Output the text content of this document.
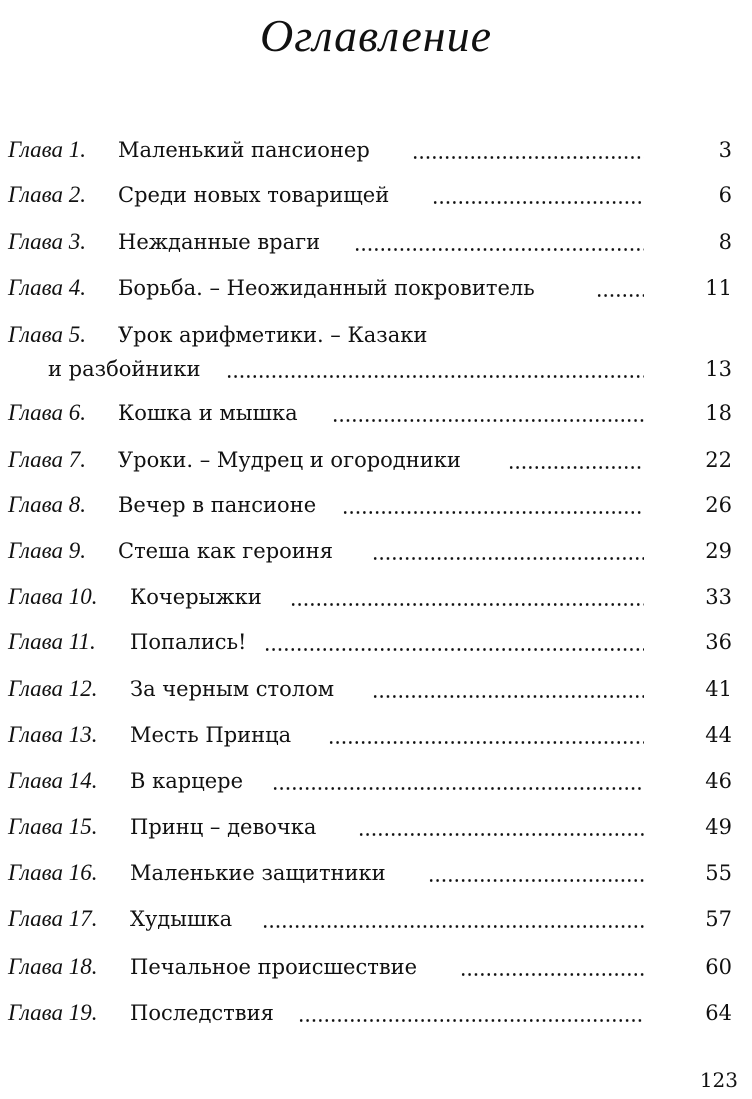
Оглавление
Глава 1. Маленький пансионер	3
Глава 2. Среди новых товарищей	6
Глава 3. Нежданные враги	8
Глава 4. Борьба. – Неожиданный покровитель	11
Глава 5. Урок арифметики. – Казаки
и разбойники	13
Глава 6. Кошка и мышка	18
Глава 7. Уроки. – Мудрец и огородники	22
Глава 8. Вечер в пансионе	26
Глава 9. Стеша как героиня	29
Глава 10. Кочерыжки	33
Глава 11. Попались!	36
Глава 12. За черным столом	41
Глава 13. Месть Принца	44
Глава 14. В карцере	46
Глава 15. Принц – девочка	49
Глава 16. Маленькие защитники	55
Глава 17. Худышка	57
Глава 18. Печальное происшествие	60
Глава 19. Последствия	64
123
